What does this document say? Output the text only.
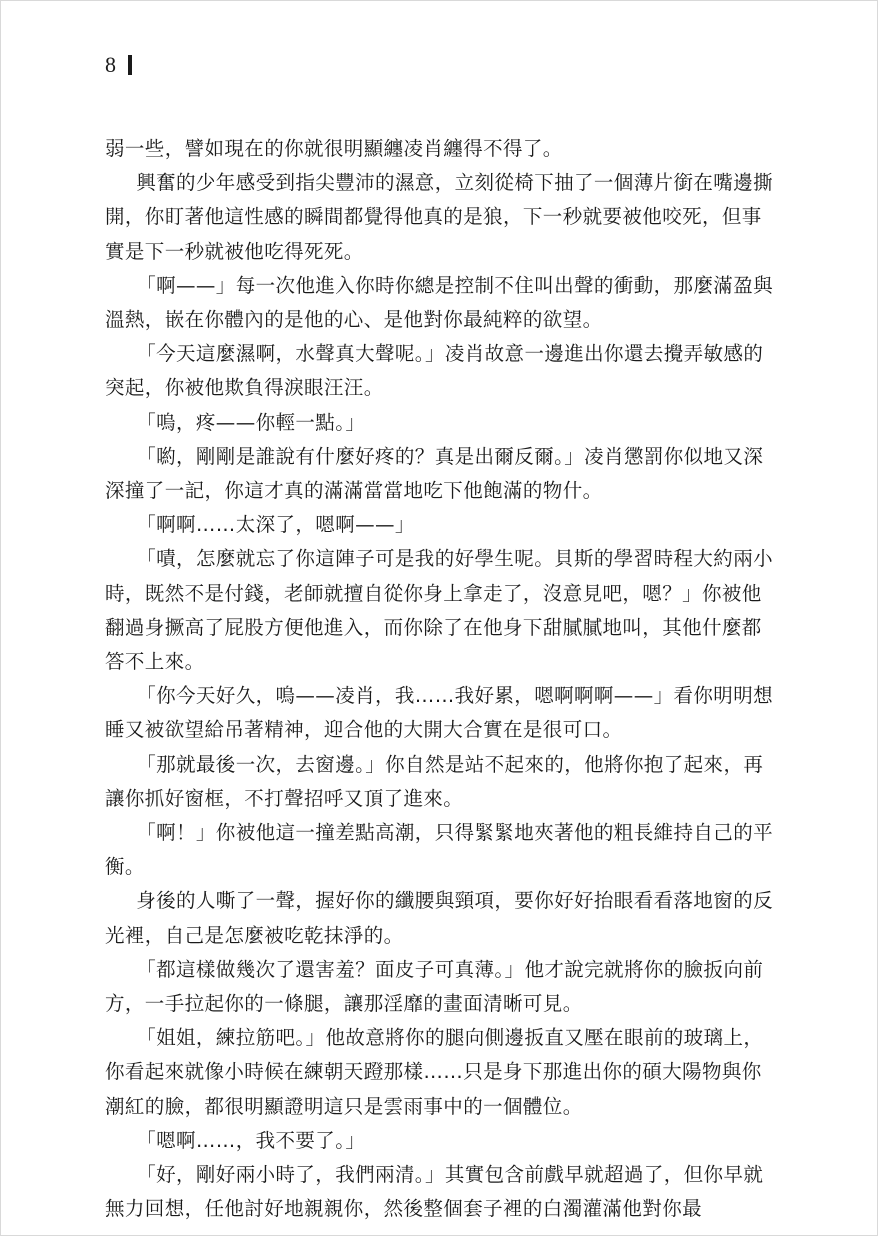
8

弱一些，譬如現在的你就很明顯纏凌肖纏得不得了。

興奮的少年感受到指尖豐沛的濕意，立刻從椅下抽了一個薄片銜在嘴邊撕開，你盯著他這性感的瞬間都覺得他真的是狼，下一秒就要被他咬死，但事實是下一秒就被他吃得死死。

「啊——」每一次他進入你時你總是控制不住叫出聲的衝動，那麼滿盈與溫熱，嵌在你體內的是他的心、是他對你最純粹的欲望。

「今天這麼濕啊，水聲真大聲呢。」凌肖故意一邊進出你還去攪弄敏感的突起，你被他欺負得淚眼汪汪。

「嗚，疼——你輕一點。」

「喲，剛剛是誰說有什麼好疼的？真是出爾反爾。」凌肖懲罰你似地又深深撞了一記，你這才真的滿滿當當地吃下他飽滿的物什。

「啊啊……太深了，嗯啊——」

「嘖，怎麼就忘了你這陣子可是我的好學生呢。貝斯的學習時程大約兩小時，既然不是付錢，老師就擅自從你身上拿走了，沒意見吧，嗯？」你被他翻過身撅高了屁股方便他進入，而你除了在他身下甜膩膩地叫，其他什麼都答不上來。

「你今天好久，嗚——凌肖，我……我好累，嗯啊啊啊——」看你明明想睡又被欲望給吊著精神，迎合他的大開大合實在是很可口。

「那就最後一次，去窗邊。」你自然是站不起來的，他將你抱了起來，再讓你抓好窗框，不打聲招呼又頂了進來。

「啊！」你被他這一撞差點高潮，只得緊緊地夾著他的粗長維持自己的平衡。

身後的人嘶了一聲，握好你的纖腰與頸項，要你好好抬眼看看落地窗的反光裡，自己是怎麼被吃乾抹淨的。

「都這樣做幾次了還害羞？面皮子可真薄。」他才說完就將你的臉扳向前方，一手拉起你的一條腿，讓那淫靡的畫面清晰可見。

「姐姐，練拉筋吧。」他故意將你的腿向側邊扳直又壓在眼前的玻璃上，你看起來就像小時候在練朝天蹬那樣……只是身下那進出你的碩大陽物與你潮紅的臉，都很明顯證明這只是雲雨事中的一個體位。

「嗯啊……，我不要了。」

「好，剛好兩小時了，我們兩清。」其實包含前戲早就超過了，但你早就無力回想，任他討好地親親你，然後整個套子裡的白濁灌滿他對你最
